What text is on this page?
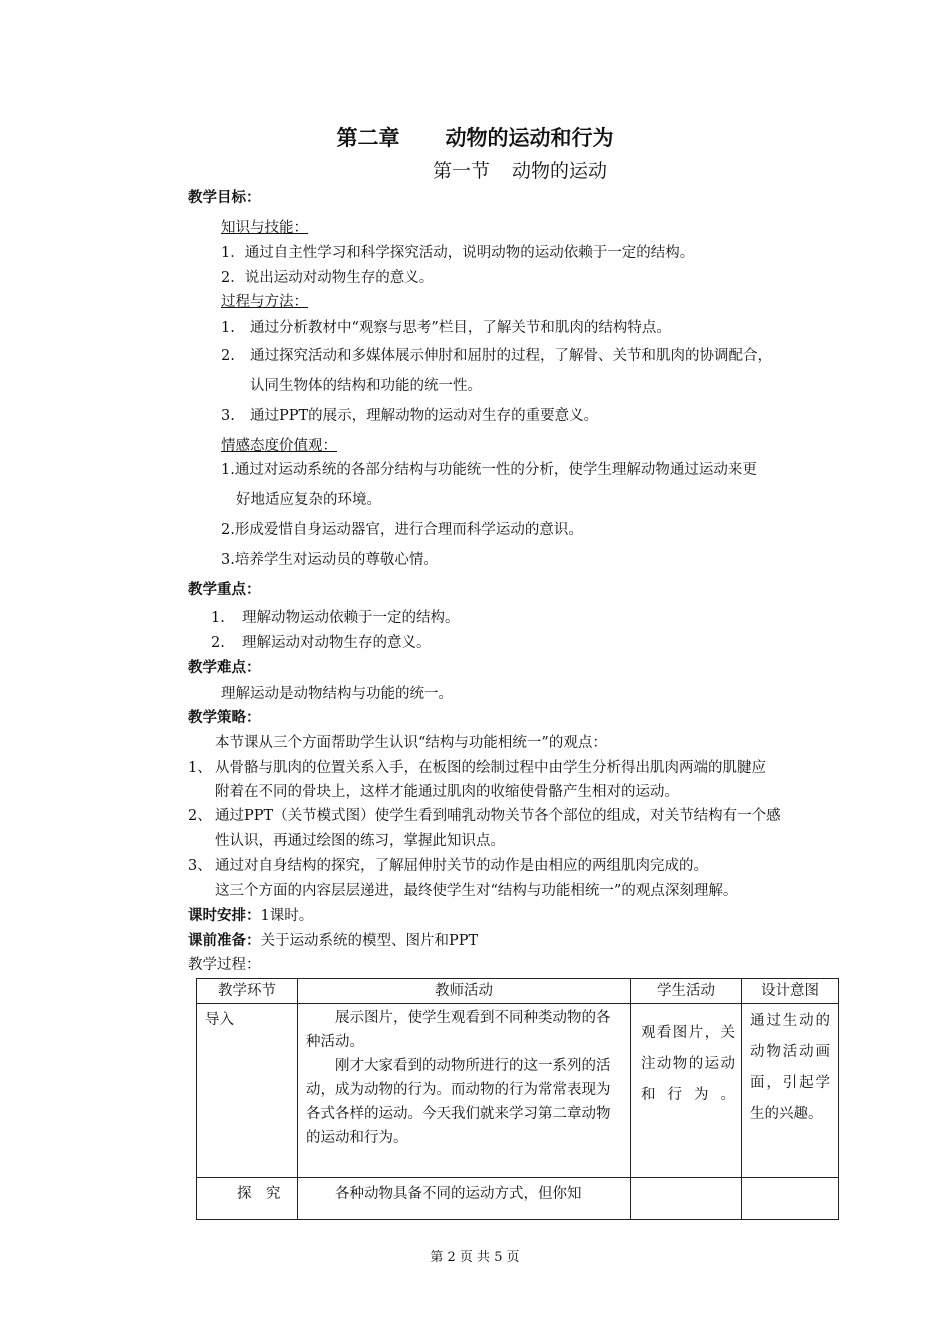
第二章 动物的运动和行为
第一节 动物的运动
教学目标：
知识与技能：
1．通过自主性学习和科学探究活动，说明动物的运动依赖于一定的结构。
2．说出运动对动物生存的意义。
过程与方法：
1. 通过分析教材中“观察与思考”栏目，了解关节和肌肉的结构特点。
2. 通过探究活动和多媒体展示伸肘和屈肘的过程，了解骨、关节和肌肉的协调配合，
认同生物体的结构和功能的统一性。
3. 通过PPT的展示，理解动物的运动对生存的重要意义。
情感态度价值观：
1.通过对运动系统的各部分结构与功能统一性的分析，使学生理解动物通过运动来更
好地适应复杂的环境。
2.形成爱惜自身运动器官，进行合理而科学运动的意识。
3.培养学生对运动员的尊敬心情。
教学重点：
1. 理解动物运动依赖于一定的结构。
2. 理解运动对动物生存的意义。
教学难点：
理解运动是动物结构与功能的统一。
教学策略：
本节课从三个方面帮助学生认识“结构与功能相统一”的观点：
1、 从骨骼与肌肉的位置关系入手，在板图的绘制过程中由学生分析得出肌肉两端的肌腱应
附着在不同的骨块上，这样才能通过肌肉的收缩使骨骼产生相对的运动。
2、 通过PPT（关节模式图）使学生看到哺乳动物关节各个部位的组成，对关节结构有一个感
性认识，再通过绘图的练习，掌握此知识点。
3、 通过对自身结构的探究，了解屈伸肘关节的动作是由相应的两组肌肉完成的。
这三个方面的内容层层递进，最终使学生对“结构与功能相统一”的观点深刻理解。
课时安排：1课时。
课前准备：关于运动系统的模型、图片和PPT
教学过程：
教学环节	教师活动	学生活动	设计意图

导入	展示图片，使学生观看到不同种类动物的各种活动。

刚才大家看到的动物所进行的这一系列的活动，成为动物的行为。而动物的行为常常表现为各式各样的运动。今天我们就来学习第二章动物的运动和行为。	观看图片，关注动物的运动和行为。	通过生动的动物活动画面，引起学生的兴趣。

探　究	各种动物具备不同的运动方式，但你知		

第 2 页 共 5 页
